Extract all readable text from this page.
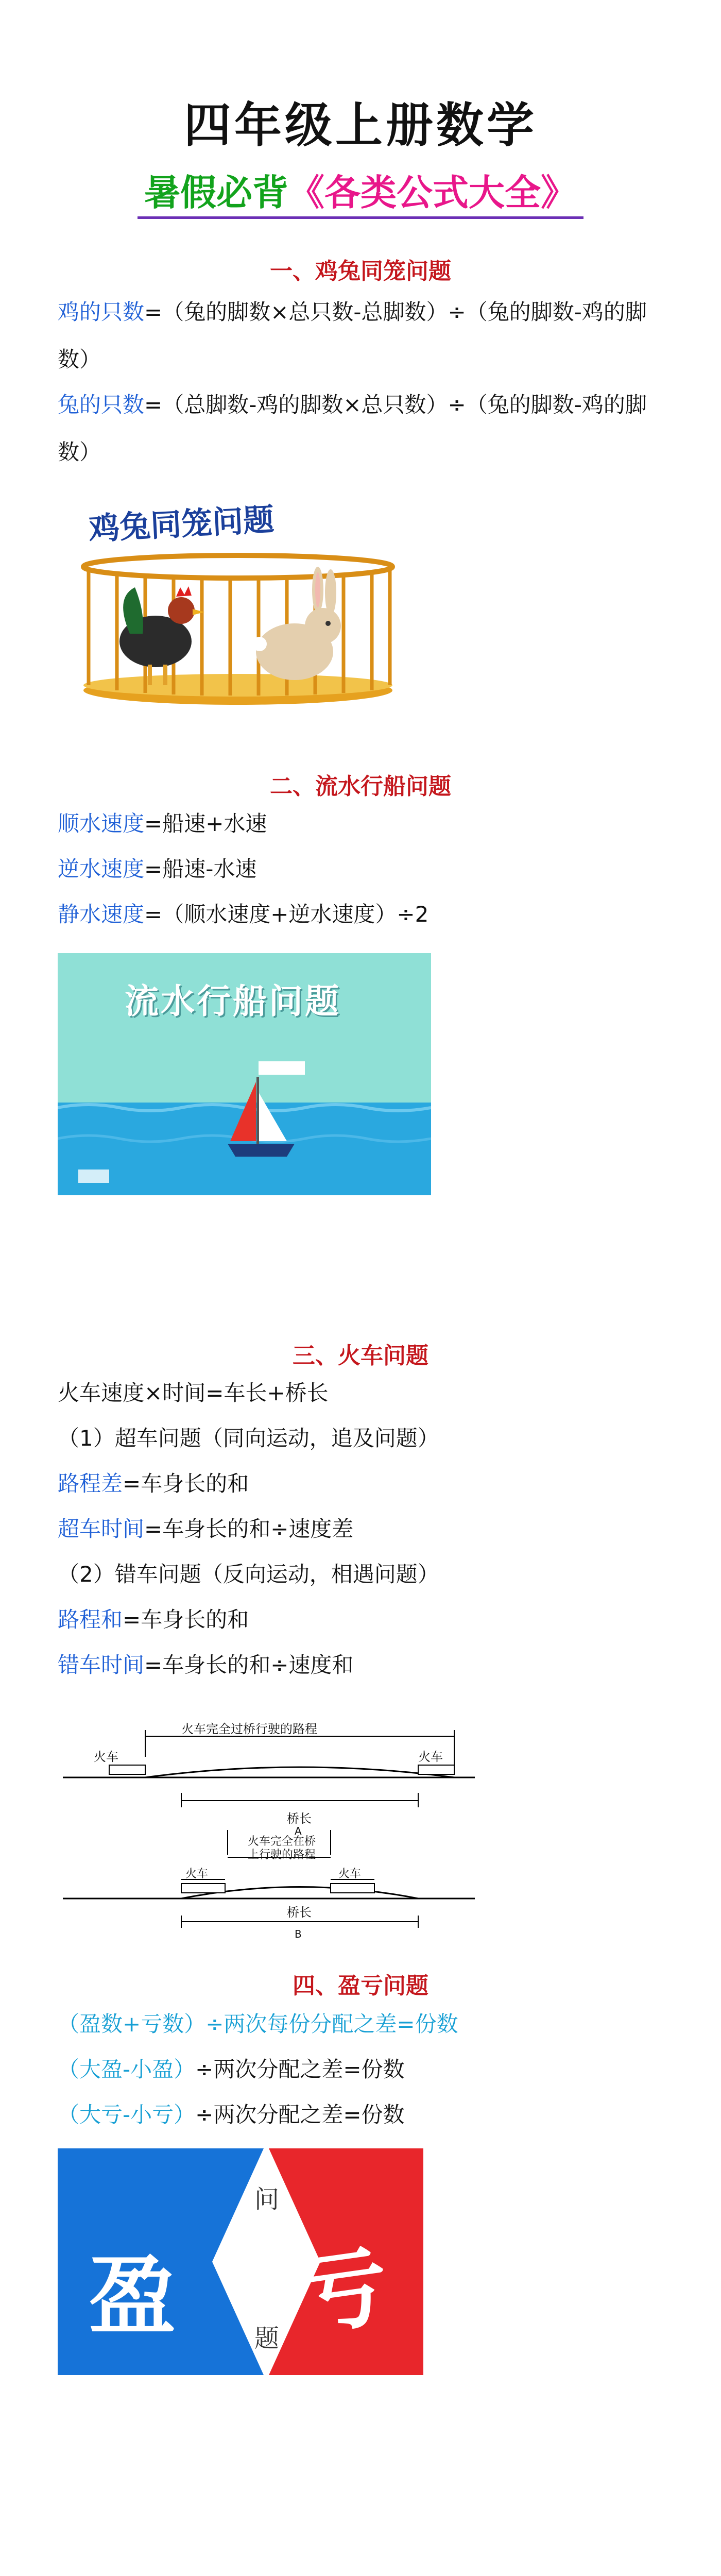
四年级上册数学
暑假必背《各类公式大全》
一、鸡兔同笼问题

鸡的只数=（兔的脚数×总只数-总脚数）÷（兔的脚数-鸡的脚数）

兔的只数=（总脚数-鸡的脚数×总只数）÷（兔的脚数-鸡的脚数）

鸡兔同笼问题
二、流水行船问题

顺水速度=船速+水速

逆水速度=船速-水速

静水速度=（顺水速度+逆水速度）÷2

流水行船问题
三、火车问题

火车速度×时间=车长+桥长

（1）超车问题（同向运动，追及问题）

路程差=车身长的和

超车时间=车身长的和÷速度差

（2）错车问题（反向运动，相遇问题）

路程和=车身长的和

错车时间=车身长的和÷速度和

火车完全过桥行驶的路程
火车	火车
桥长
A
火车完全在桥上行驶的路程
火车	火车
桥长
B
四、盈亏问题

（盈数+亏数）÷两次每份分配之差=份数

（大盈-小盈）÷两次分配之差=份数

（大亏-小亏）÷两次分配之差=份数

盈 亏
问
题
